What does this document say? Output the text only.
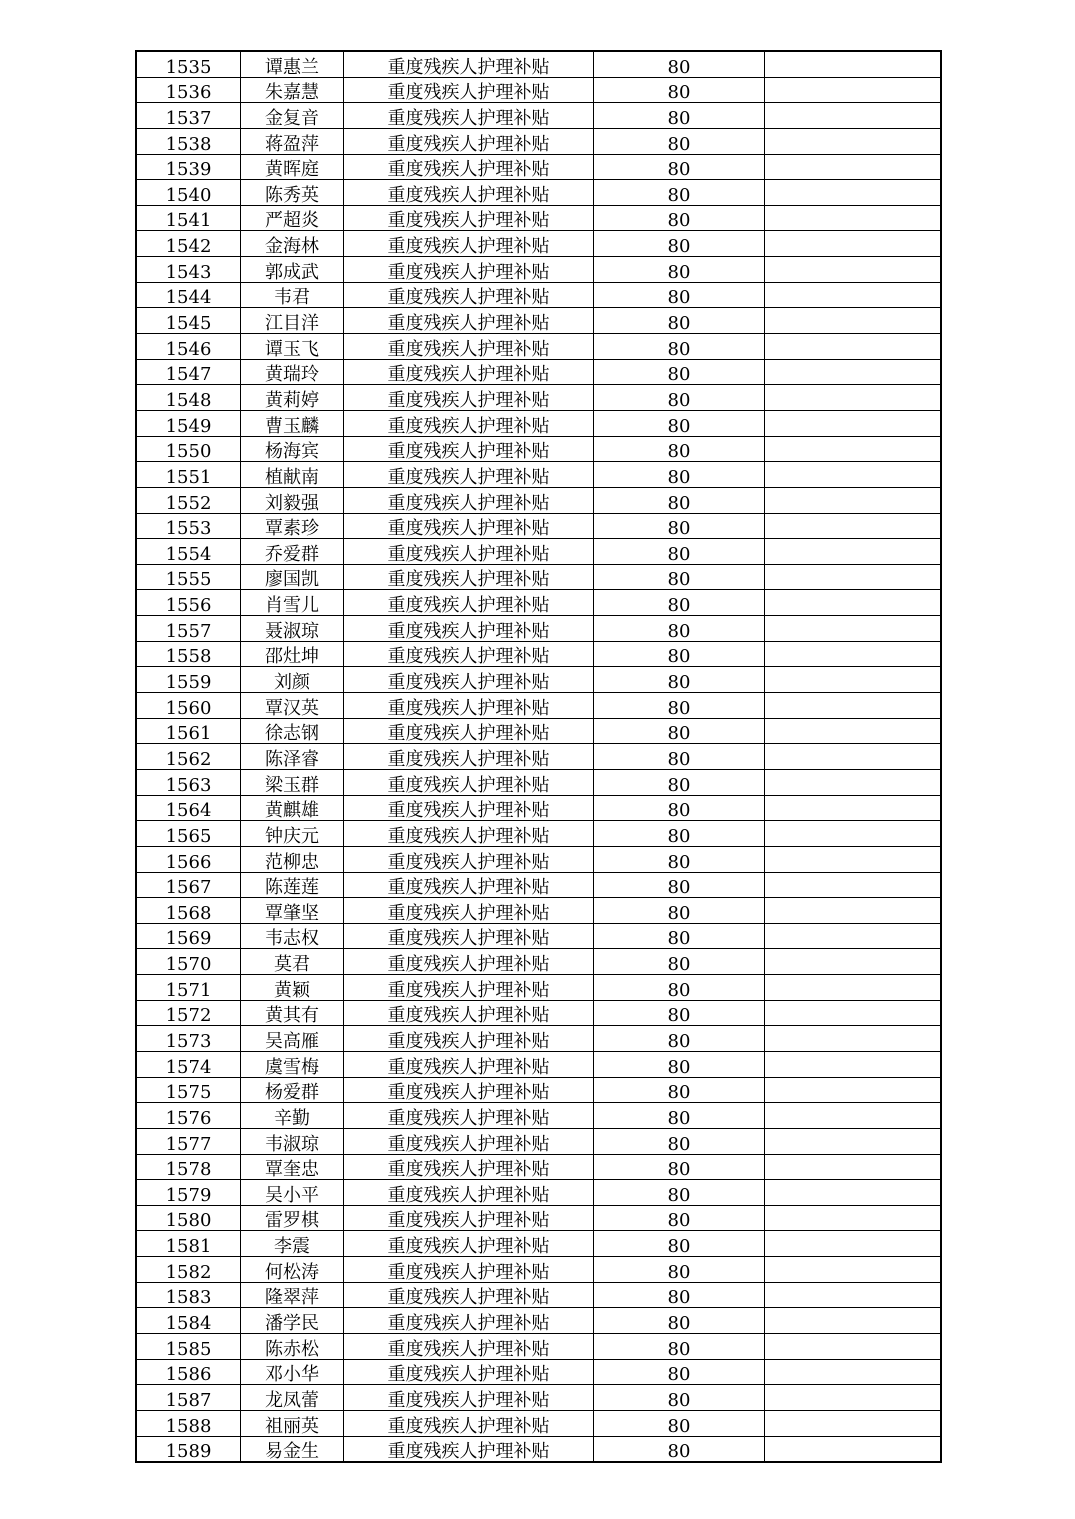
1535	谭惠兰	重度残疾人护理补贴	80	
1536	朱嘉慧	重度残疾人护理补贴	80	
1537	金复音	重度残疾人护理补贴	80	
1538	蒋盈萍	重度残疾人护理补贴	80	
1539	黄晖庭	重度残疾人护理补贴	80	
1540	陈秀英	重度残疾人护理补贴	80	
1541	严超炎	重度残疾人护理补贴	80	
1542	金海林	重度残疾人护理补贴	80	
1543	郭成武	重度残疾人护理补贴	80	
1544	韦君	重度残疾人护理补贴	80	
1545	江目洋	重度残疾人护理补贴	80	
1546	谭玉飞	重度残疾人护理补贴	80	
1547	黄瑞玲	重度残疾人护理补贴	80	
1548	黄莉婷	重度残疾人护理补贴	80	
1549	曹玉麟	重度残疾人护理补贴	80	
1550	杨海宾	重度残疾人护理补贴	80	
1551	植献南	重度残疾人护理补贴	80	
1552	刘毅强	重度残疾人护理补贴	80	
1553	覃素珍	重度残疾人护理补贴	80	
1554	乔爱群	重度残疾人护理补贴	80	
1555	廖国凯	重度残疾人护理补贴	80	
1556	肖雪儿	重度残疾人护理补贴	80	
1557	聂淑琼	重度残疾人护理补贴	80	
1558	邵灶坤	重度残疾人护理补贴	80	
1559	刘颜	重度残疾人护理补贴	80	
1560	覃汉英	重度残疾人护理补贴	80	
1561	徐志钢	重度残疾人护理补贴	80	
1562	陈泽睿	重度残疾人护理补贴	80	
1563	梁玉群	重度残疾人护理补贴	80	
1564	黄麒雄	重度残疾人护理补贴	80	
1565	钟庆元	重度残疾人护理补贴	80	
1566	范柳忠	重度残疾人护理补贴	80	
1567	陈莲莲	重度残疾人护理补贴	80	
1568	覃肇坚	重度残疾人护理补贴	80	
1569	韦志权	重度残疾人护理补贴	80	
1570	莫君	重度残疾人护理补贴	80	
1571	黄颖	重度残疾人护理补贴	80	
1572	黄其有	重度残疾人护理补贴	80	
1573	吴高雁	重度残疾人护理补贴	80	
1574	虞雪梅	重度残疾人护理补贴	80	
1575	杨爱群	重度残疾人护理补贴	80	
1576	辛勤	重度残疾人护理补贴	80	
1577	韦淑琼	重度残疾人护理补贴	80	
1578	覃奎忠	重度残疾人护理补贴	80	
1579	吴小平	重度残疾人护理补贴	80	
1580	雷罗棋	重度残疾人护理补贴	80	
1581	李震	重度残疾人护理补贴	80	
1582	何松涛	重度残疾人护理补贴	80	
1583	隆翠萍	重度残疾人护理补贴	80	
1584	潘学民	重度残疾人护理补贴	80	
1585	陈赤松	重度残疾人护理补贴	80	
1586	邓小华	重度残疾人护理补贴	80	
1587	龙凤蕾	重度残疾人护理补贴	80	
1588	祖丽英	重度残疾人护理补贴	80	
1589	易金生	重度残疾人护理补贴	80	
